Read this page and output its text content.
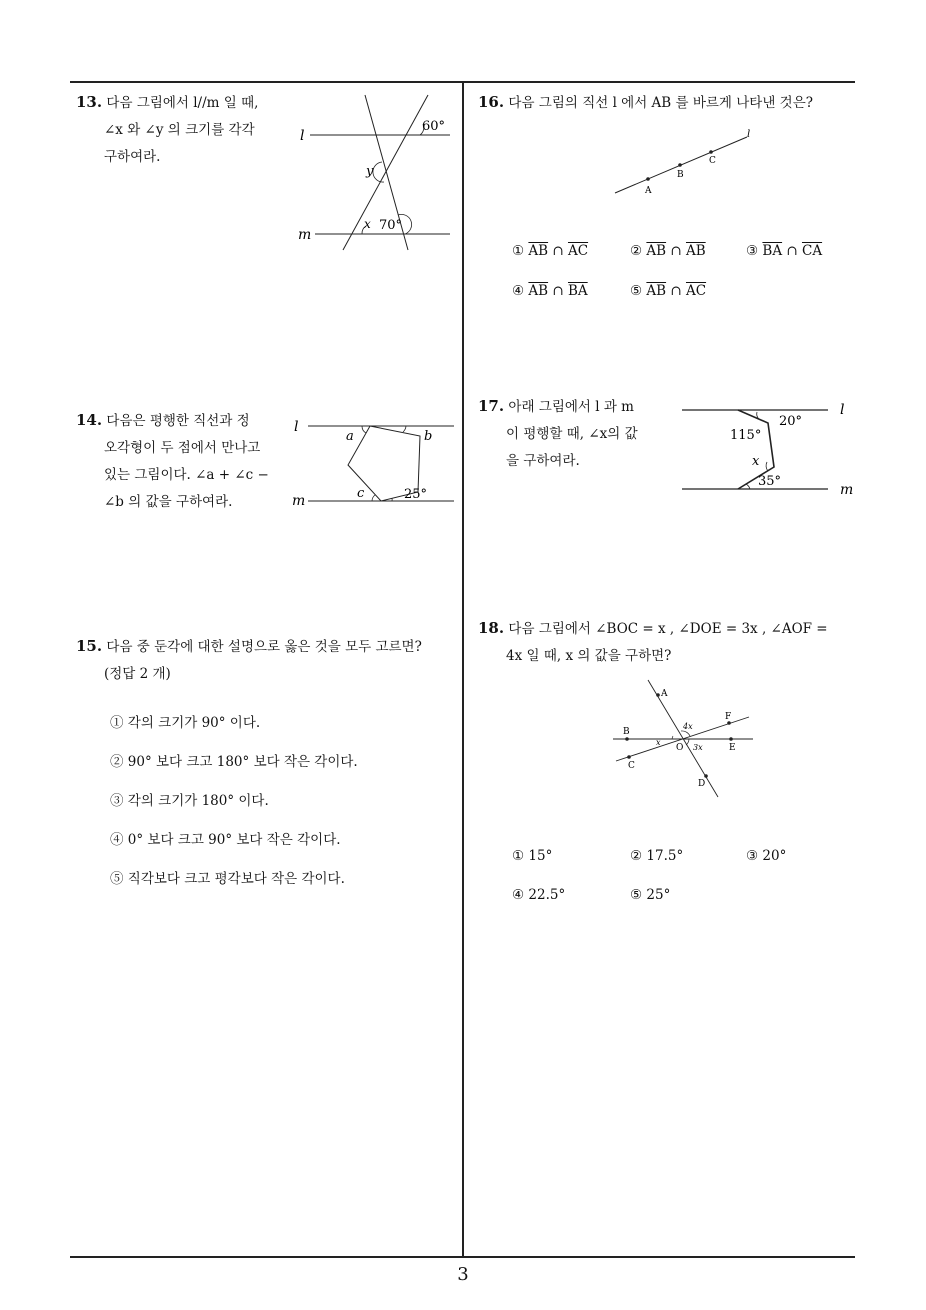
13. 다음 그림에서 l//m 일 때,
∠x 와 ∠y 의 크기를 각각
구하여라.
l
m
60°
y
x 70°
14. 다음은 평행한 직선과 정
오각형이 두 점에서 만나고
있는 그림이다. ∠a + ∠c −
∠b 의 값을 구하여라.
l
m
a	b
c	25°
15. 다음 중 둔각에 대한 설명으로 옳은 것을 모두 고르면?
(정답 2 개)
① 각의 크기가 90° 이다.
② 90° 보다 크고 180° 보다 작은 각이다.
③ 각의 크기가 180° 이다.
④ 0° 보다 크고 90° 보다 작은 각이다.
⑤ 직각보다 크고 평각보다 작은 각이다.
16. 다음 그림의 직선 l 에서 AB 를 바르게 나타낸 것은?
l
A
B
C
① $\overline{AB}$ ∩ $\overline{AC}$	② $\overline{AB}$ ∩ $\overline{AB}$	③ $\overline{BA}$ ∩ $\overline{CA}$
④ $\overline{AB}$ ∩ $\overline{BA}$	⑤ $\overline{AB}$ ∩ $\overline{AC}$
17. 아래 그림에서 l 과 m
이 평행할 때, ∠x의 값
을 구하여라.
l
m
20°
115°
x
35°
18. 다음 그림에서 ∠BOC = x , ∠DOE = 3x , ∠AOF =
4x 일 때, x 의 값을 구하면?
A
B
C
D
E
F
O
x
3x
4x
① 15°	② 17.5°	③ 20°
④ 22.5°	⑤ 25°
3
